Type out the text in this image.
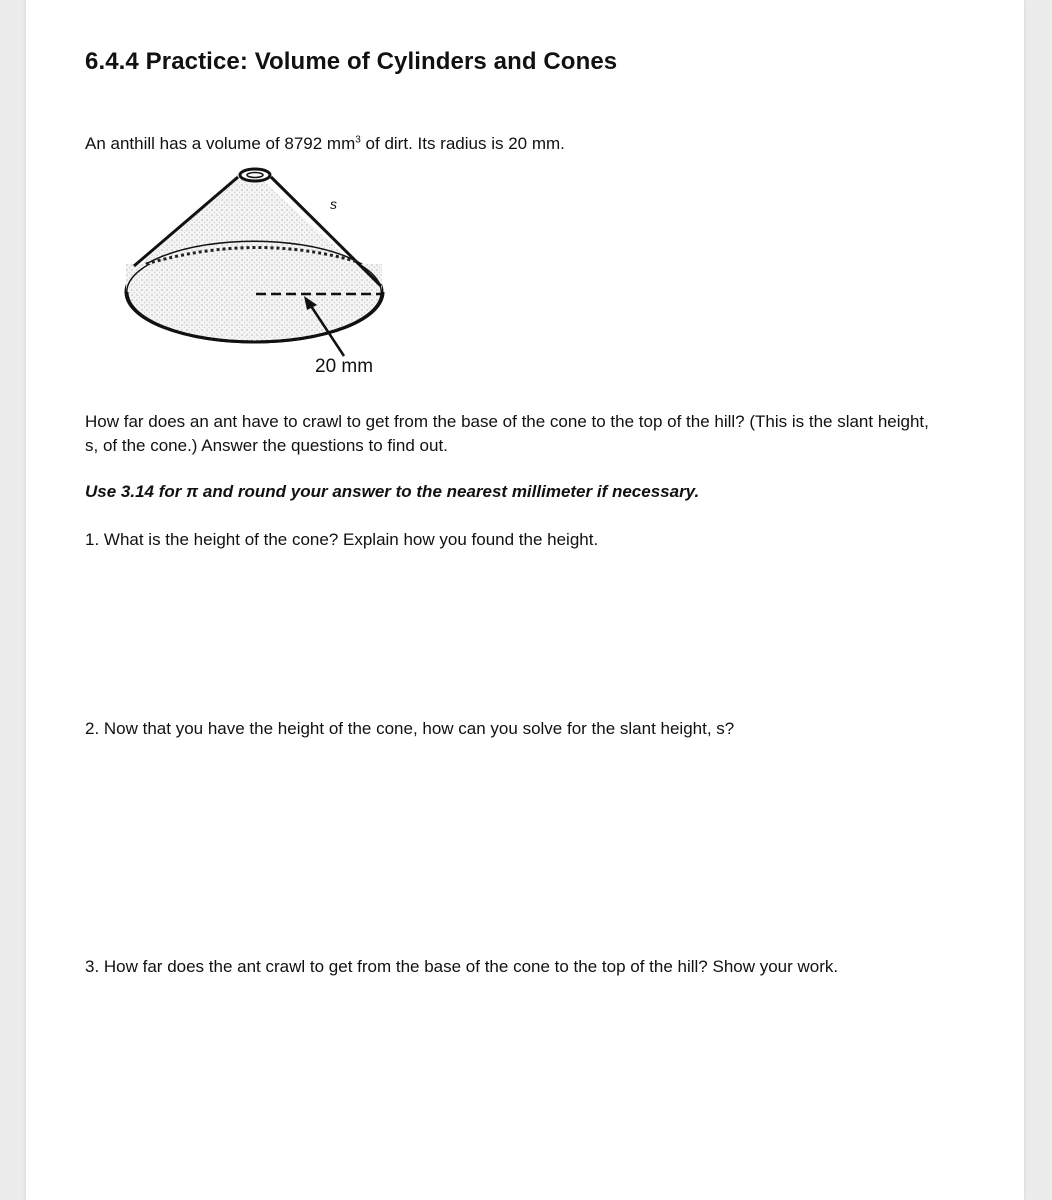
6.4.4 Practice: Volume of Cylinders and Cones
An anthill has a volume of 8792 $mm^3$ of dirt. Its radius is 20 mm.
s
20 mm
How far does an ant have to crawl to get from the base of the cone to the top of the hill? (This is the slant height, s, of the cone.) Answer the questions to find out.
Use 3.14 for π and round your answer to the nearest millimeter if necessary.
1. What is the height of the cone? Explain how you found the height.
2. Now that you have the height of the cone, how can you solve for the slant height, s?
3. How far does the ant crawl to get from the base of the cone to the top of the hill? Show your work.
